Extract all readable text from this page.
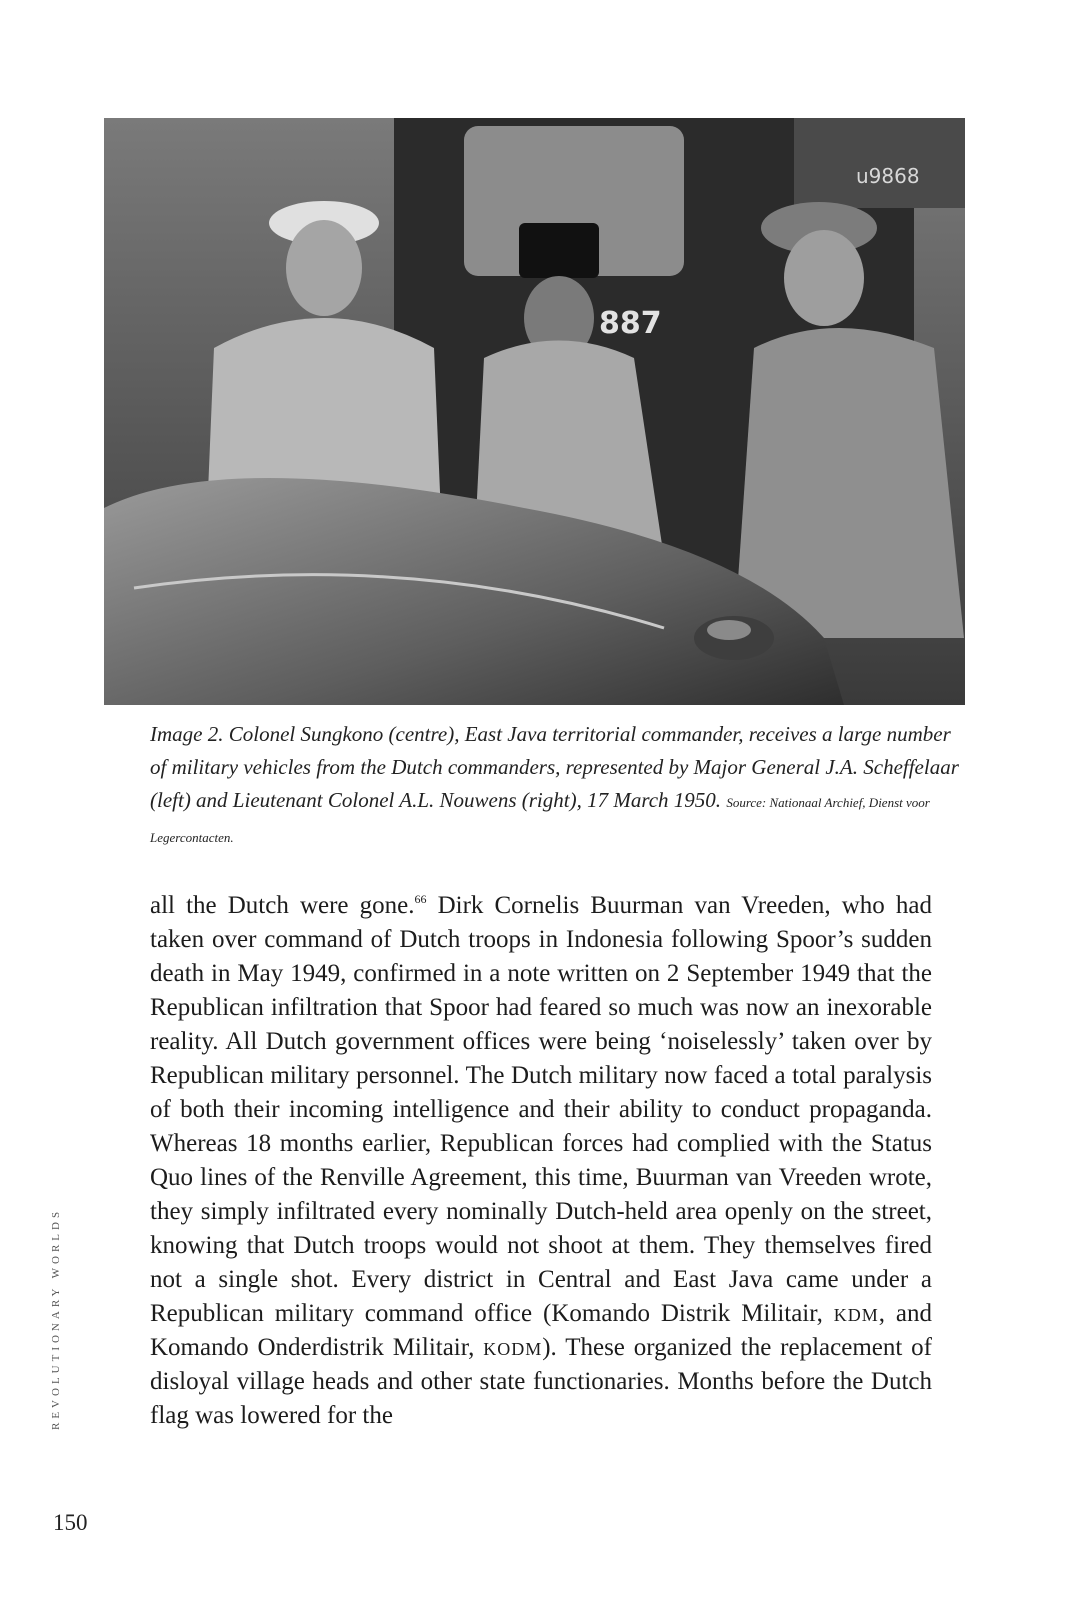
u9868
887
Image 2. Colonel Sungkono (centre), East Java territorial commander, receives a large number of military vehicles from the Dutch commanders, represented by Major General J.A. Scheffelaar (left) and Lieutenant Colonel A.L. Nouwens (right), 17 March 1950. Source: Nationaal Archief, Dienst voor Legercontacten.
all the Dutch were gone.$^{66}$ Dirk Cornelis Buurman van Vreeden, who had taken over command of Dutch troops in Indonesia following Spoor’s sudden death in May 1949, confirmed in a note written on 2 September 1949 that the Republican infiltration that Spoor had feared so much was now an inexorable reality. All Dutch government offices were being ‘noiselessly’ taken over by Republican military personnel. The Dutch military now faced a total paralysis of both their incoming intelligence and their ability to conduct propaganda. Whereas 18 months earlier, Republican forces had complied with the Status Quo lines of the Renville Agreement, this time, Buurman van Vreeden wrote, they simply infiltrated every nominally Dutch-held area openly on the street, knowing that Dutch troops would not shoot at them. They themselves fired not a single shot. Every district in Central and East Java came under a Republican military command office (Komando Distrik Militair, kdm, and Komando Onderdistrik Militair, kodm). These organized the replacement of disloyal village heads and other state functionaries. Months before the Dutch flag was lowered for the
REVOLUTIONARY WORLDS
150
